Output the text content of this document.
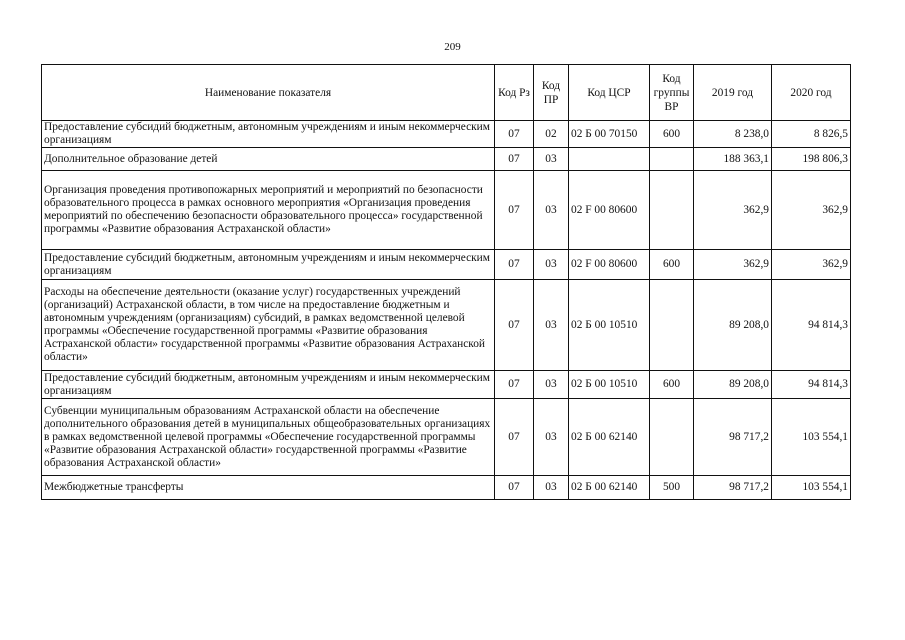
209
Наименование показателя	Код Рз	Код ПР	Код ЦСР	Код группы ВР	2019 год	2020 год
Предоставление субсидий бюджетным, автономным учреждениям и иным некоммерческим организациям	07	02	02 Б 00 70150	600	8 238,0	8 826,5
Дополнительное образование детей	07	03			188 363,1	198 806,3
Организация проведения противопожарных мероприятий и мероприятий по безопасности образовательного процесса в рамках основного мероприятия «Организация проведения мероприятий по обеспечению безопасности образовательного процесса» государственной программы «Развитие образования Астраханской области»	07	03	02 F 00 80600		362,9	362,9
Предоставление субсидий бюджетным, автономным учреждениям и иным некоммерческим организациям	07	03	02 F 00 80600	600	362,9	362,9
Расходы на обеспечение деятельности (оказание услуг) государственных учреждений (организаций) Астраханской области, в том числе на предоставление бюджетным и автономным учреждениям (организациям) субсидий, в рамках ведомственной целевой программы «Обеспечение государственной программы «Развитие образования Астраханской области» государственной программы «Развитие образования Астраханской области»	07	03	02 Б 00 10510		89 208,0	94 814,3
Предоставление субсидий бюджетным, автономным учреждениям и иным некоммерческим организациям	07	03	02 Б 00 10510	600	89 208,0	94 814,3
Субвенции муниципальным образованиям Астраханской области на обеспечение дополнительного образования детей в муниципальных общеобразовательных организациях в рамках ведомственной целевой программы «Обеспечение государственной программы «Развитие образования Астраханской области» государственной программы «Развитие образования Астраханской области»	07	03	02 Б 00 62140		98 717,2	103 554,1
Межбюджетные трансферты	07	03	02 Б 00 62140	500	98 717,2	103 554,1
